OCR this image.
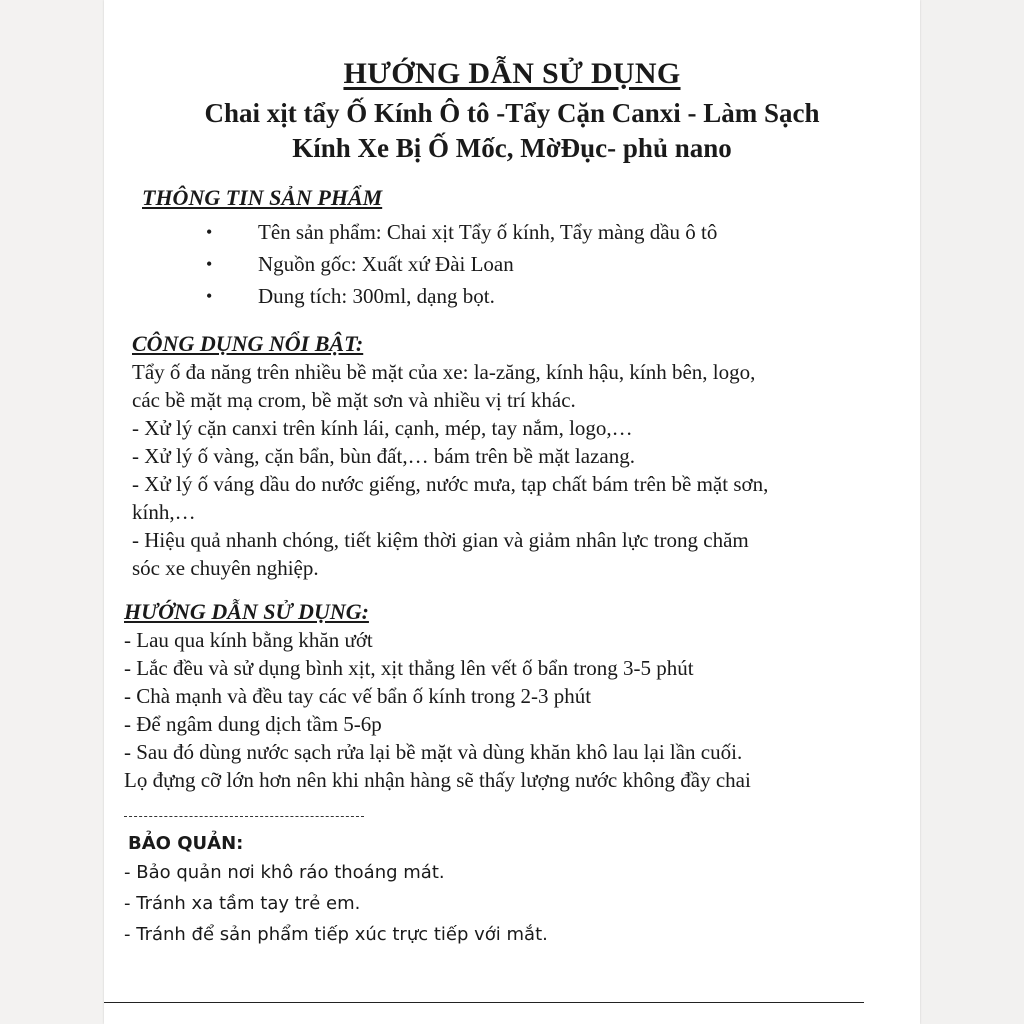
HƯỚNG DẪN SỬ DỤNG
Chai xịt tẩy Ố Kính Ô tô -Tẩy Cặn Canxi - Làm Sạch
Kính Xe Bị Ố Mốc, MờĐục- phủ nano
THÔNG TIN SẢN PHẨM
• Tên sản phẩm: Chai xịt Tẩy ố kính, Tẩy màng dầu ô tô
• Nguồn gốc: Xuất xứ Đài Loan
• Dung tích: 300ml, dạng bọt.
CÔNG DỤNG NỔI BẬT:
Tẩy ố đa năng trên nhiều bề mặt của xe: la-zăng, kính hậu, kính bên, logo,
các bề mặt mạ crom, bề mặt sơn và nhiều vị trí khác.
- Xử lý cặn canxi trên kính lái, cạnh, mép, tay nắm, logo,…
- Xử lý ố vàng, cặn bẩn, bùn đất,… bám trên bề mặt lazang.
- Xử lý ố váng dầu do nước giếng, nước mưa, tạp chất bám trên bề mặt sơn,
kính,…
- Hiệu quả nhanh chóng, tiết kiệm thời gian và giảm nhân lực trong chăm
sóc xe chuyên nghiệp.
HƯỚNG DẪN SỬ DỤNG:
- Lau qua kính bằng khăn ướt
- Lắc đều và sử dụng bình xịt, xịt thẳng lên vết ố bẩn trong 3-5 phút
- Chà mạnh và đều tay các vế bẩn ố kính trong 2-3 phút
- Để ngâm dung dịch tầm 5-6p
- Sau đó dùng nước sạch rửa lại bề mặt và dùng khăn khô lau lại lần cuối.
Lọ đựng cỡ lớn hơn nên khi nhận hàng sẽ thấy lượng nước không đầy chai
BẢO QUẢN:
- Bảo quản nơi khô ráo thoáng mát.
- Tránh xa tầm tay trẻ em.
- Tránh để sản phẩm tiếp xúc trực tiếp với mắt.
